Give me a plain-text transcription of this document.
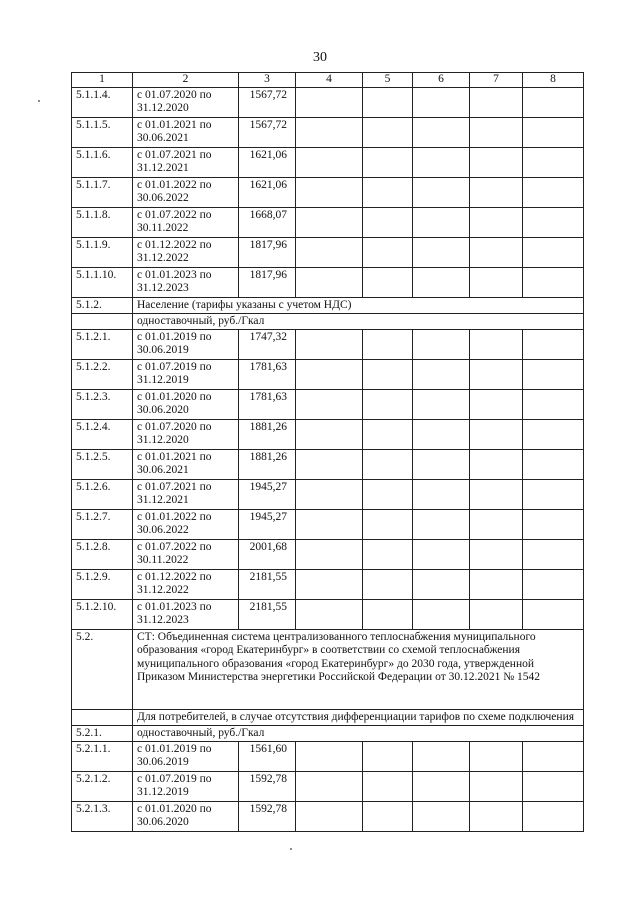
30
1	2	3	4	5	6	7	8
5.1.1.4.	с 01.07.2020 по 31.12.2020	1567,72					
5.1.1.5.	с 01.01.2021 по 30.06.2021	1567,72					
5.1.1.6.	с 01.07.2021 по 31.12.2021	1621,06					
5.1.1.7.	с 01.01.2022 по 30.06.2022	1621,06					
5.1.1.8.	с 01.07.2022 по 30.11.2022	1668,07					
5.1.1.9.	с 01.12.2022 по 31.12.2022	1817,96					
5.1.1.10.	с 01.01.2023 по 31.12.2023	1817,96					
5.1.2.	Население (тарифы указаны с учетом НДС)						
	одноставочный, руб./Гкал						
5.1.2.1.	с 01.01.2019 по 30.06.2019	1747,32					
5.1.2.2.	с 01.07.2019 по 31.12.2019	1781,63					
5.1.2.3.	с 01.01.2020 по 30.06.2020	1781,63					
5.1.2.4.	с 01.07.2020 по 31.12.2020	1881,26					
5.1.2.5.	с 01.01.2021 по 30.06.2021	1881,26					
5.1.2.6.	с 01.07.2021 по 31.12.2021	1945,27					
5.1.2.7.	с 01.01.2022 по 30.06.2022	1945,27					
5.1.2.8.	с 01.07.2022 по 30.11.2022	2001,68					
5.1.2.9.	с 01.12.2022 по 31.12.2022	2181,55					
5.1.2.10.	с 01.01.2023 по 31.12.2023	2181,55					
5.2.	СТ: Объединенная система централизованного теплоснабжения муниципального образования «город Екатеринбург» в соответствии со схемой теплоснабжения муниципального образования «город Екатеринбург» до 2030 года, утвержденной Приказом Министерства энергетики Российской Федерации от 30.12.2021 № 1542						
	Для потребителей, в случае отсутствия дифференциации тарифов по схеме подключения						
5.2.1.	одноставочный, руб./Гкал						
5.2.1.1.	с 01.01.2019 по 30.06.2019	1561,60					
5.2.1.2.	с 01.07.2019 по 31.12.2019	1592,78					
5.2.1.3.	с 01.01.2020 по 30.06.2020	1592,78					
